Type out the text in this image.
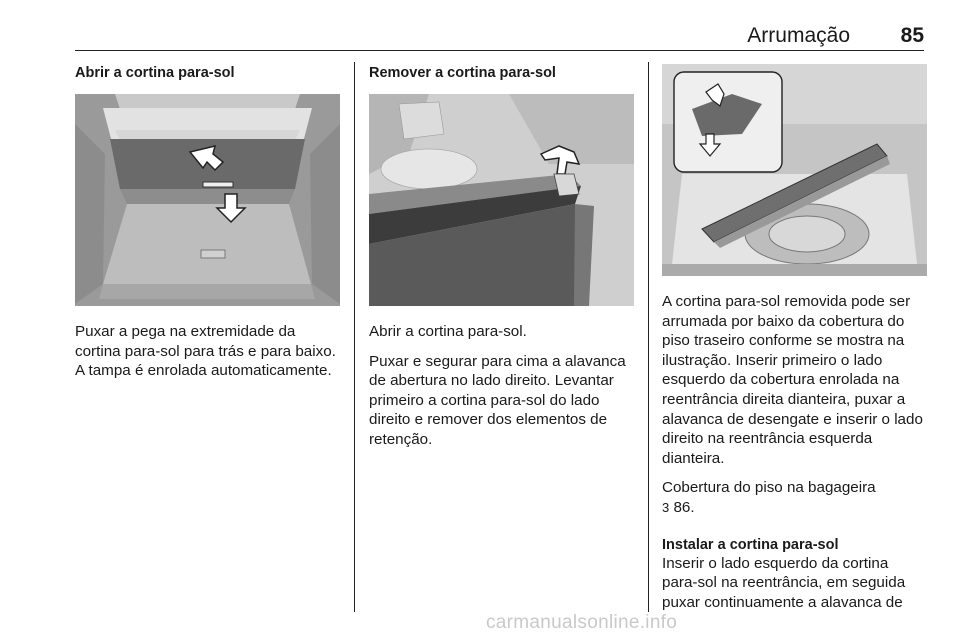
Arrumação 85
Abrir a cortina para-sol

Puxar a pega na extremidade da cortina para-sol para trás e para baixo. A tampa é enrolada automaticamente.

Remover a cortina para-sol

Abrir a cortina para-sol.

Puxar e segurar para cima a alavanca de abertura no lado direito. Levantar primeiro a cortina para-sol do lado direito e remover dos elementos de retenção.

A cortina para-sol removida pode ser arrumada por baixo da cobertura do piso traseiro conforme se mostra na ilustração. Inserir primeiro o lado esquerdo da cobertura enrolada na reentrância direita dianteira, puxar a alavanca de desengate e inserir o lado direito na reentrância esquerda dianteira.

Cobertura do piso na bagageira
3 86.

Instalar a cortina para-sol

Inserir o lado esquerdo da cortina para-sol na reentrância, em seguida puxar continuamente a alavanca de

carmanualsonline.info
